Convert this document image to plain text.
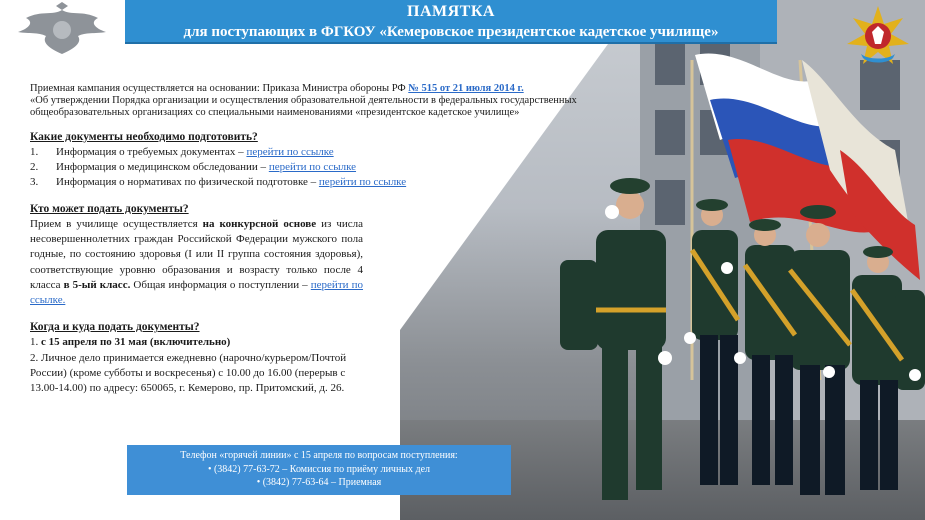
ПАМЯТКА
для поступающих в ФГКОУ «Кемеровское президентское кадетское училище»
Приемная кампания осуществляется на основании: Приказа Министра обороны РФ № 515 от 21 июля 2014 г.
«Об утверждении Порядка организации и осуществления образовательной деятельности в федеральных государственных общеобразовательных организациях со специальными наименованиями «президентское кадетское училище»
Какие документы необходимо подготовить?
1.	Информация о требуемых документах – перейти по ссылке
2.	Информация о медицинском обследовании – перейти по ссылке
3.	Информация о нормативах по физической подготовке – перейти по ссылке
Кто может подать документы?
Прием в училище осуществляется на конкурсной основе из числа несовершеннолетних граждан Российской Федерации мужского пола годные, по состоянию здоровья (I или II группа состояния здоровья), соответствующие уровню образования и возрасту только после 4 класса в 5-ый класс. Общая информация о поступлении – перейти по ссылке.
Когда и куда подать документы?
1. с 15 апреля по 31 мая (включительно)
2. Личное дело принимается ежедневно (нарочно/курьером/Почтой России) (кроме субботы и воскресенья) с 10.00 до 16.00 (перерыв с 13.00-14.00) по адресу: 650065, г. Кемерово, пр. Притомский, д. 26.
Телефон «горячей линии» с 15 апреля по вопросам поступления:
• (3842) 77-63-72 – Комиссия по приёму личных дел
• (3842) 77-63-64 – Приемная
